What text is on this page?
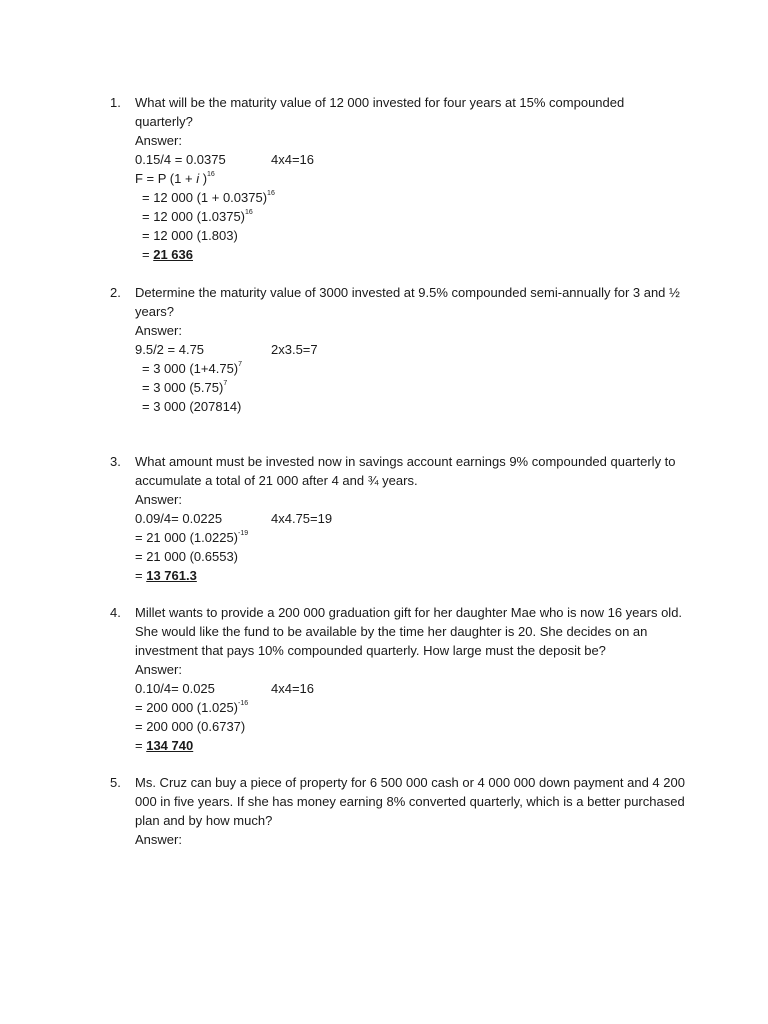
1. What will be the maturity value of 12 000 invested for four years at 15% compounded
quarterly?
Answer:
0.15/4 = 0.0375	4x4=16
F = P (1 + i )$^{16}$
= 12 000 $(1 + 0.0375)^{16}$
= 12 000 $(1.0375)^{16}$
= 12 000 (1.803)
= 21 636
2. Determine the maturity value of 3000 invested at 9.5% compounded semi-annually for 3 and ½
years?
Answer:
9.5/2 = 4.75	2x3.5=7
= 3 000 $(1+4.75)^7$
= 3 000 $(5.75)^7$
= 3 000 (207814)
3. What amount must be invested now in savings account earnings 9% compounded quarterly to
accumulate a total of 21 000 after 4 and ¾ years.
Answer:
0.09/4= 0.0225	4x4.75=19
= 21 000 $(1.0225)^{-19}$
= 21 000 (0.6553)
= 13 761.3
4. Millet wants to provide a 200 000 graduation gift for her daughter Mae who is now 16 years old.
She would like the fund to be available by the time her daughter is 20. She decides on an
investment that pays 10% compounded quarterly. How large must the deposit be?
Answer:
0.10/4= 0.025	4x4=16
= 200 000 $(1.025)^{-16}$
= 200 000 (0.6737)
= 134 740
5. Ms. Cruz can buy a piece of property for 6 500 000 cash or 4 000 000 down payment and 4 200
000 in five years. If she has money earning 8% converted quarterly, which is a better purchased
plan and by how much?
Answer:
